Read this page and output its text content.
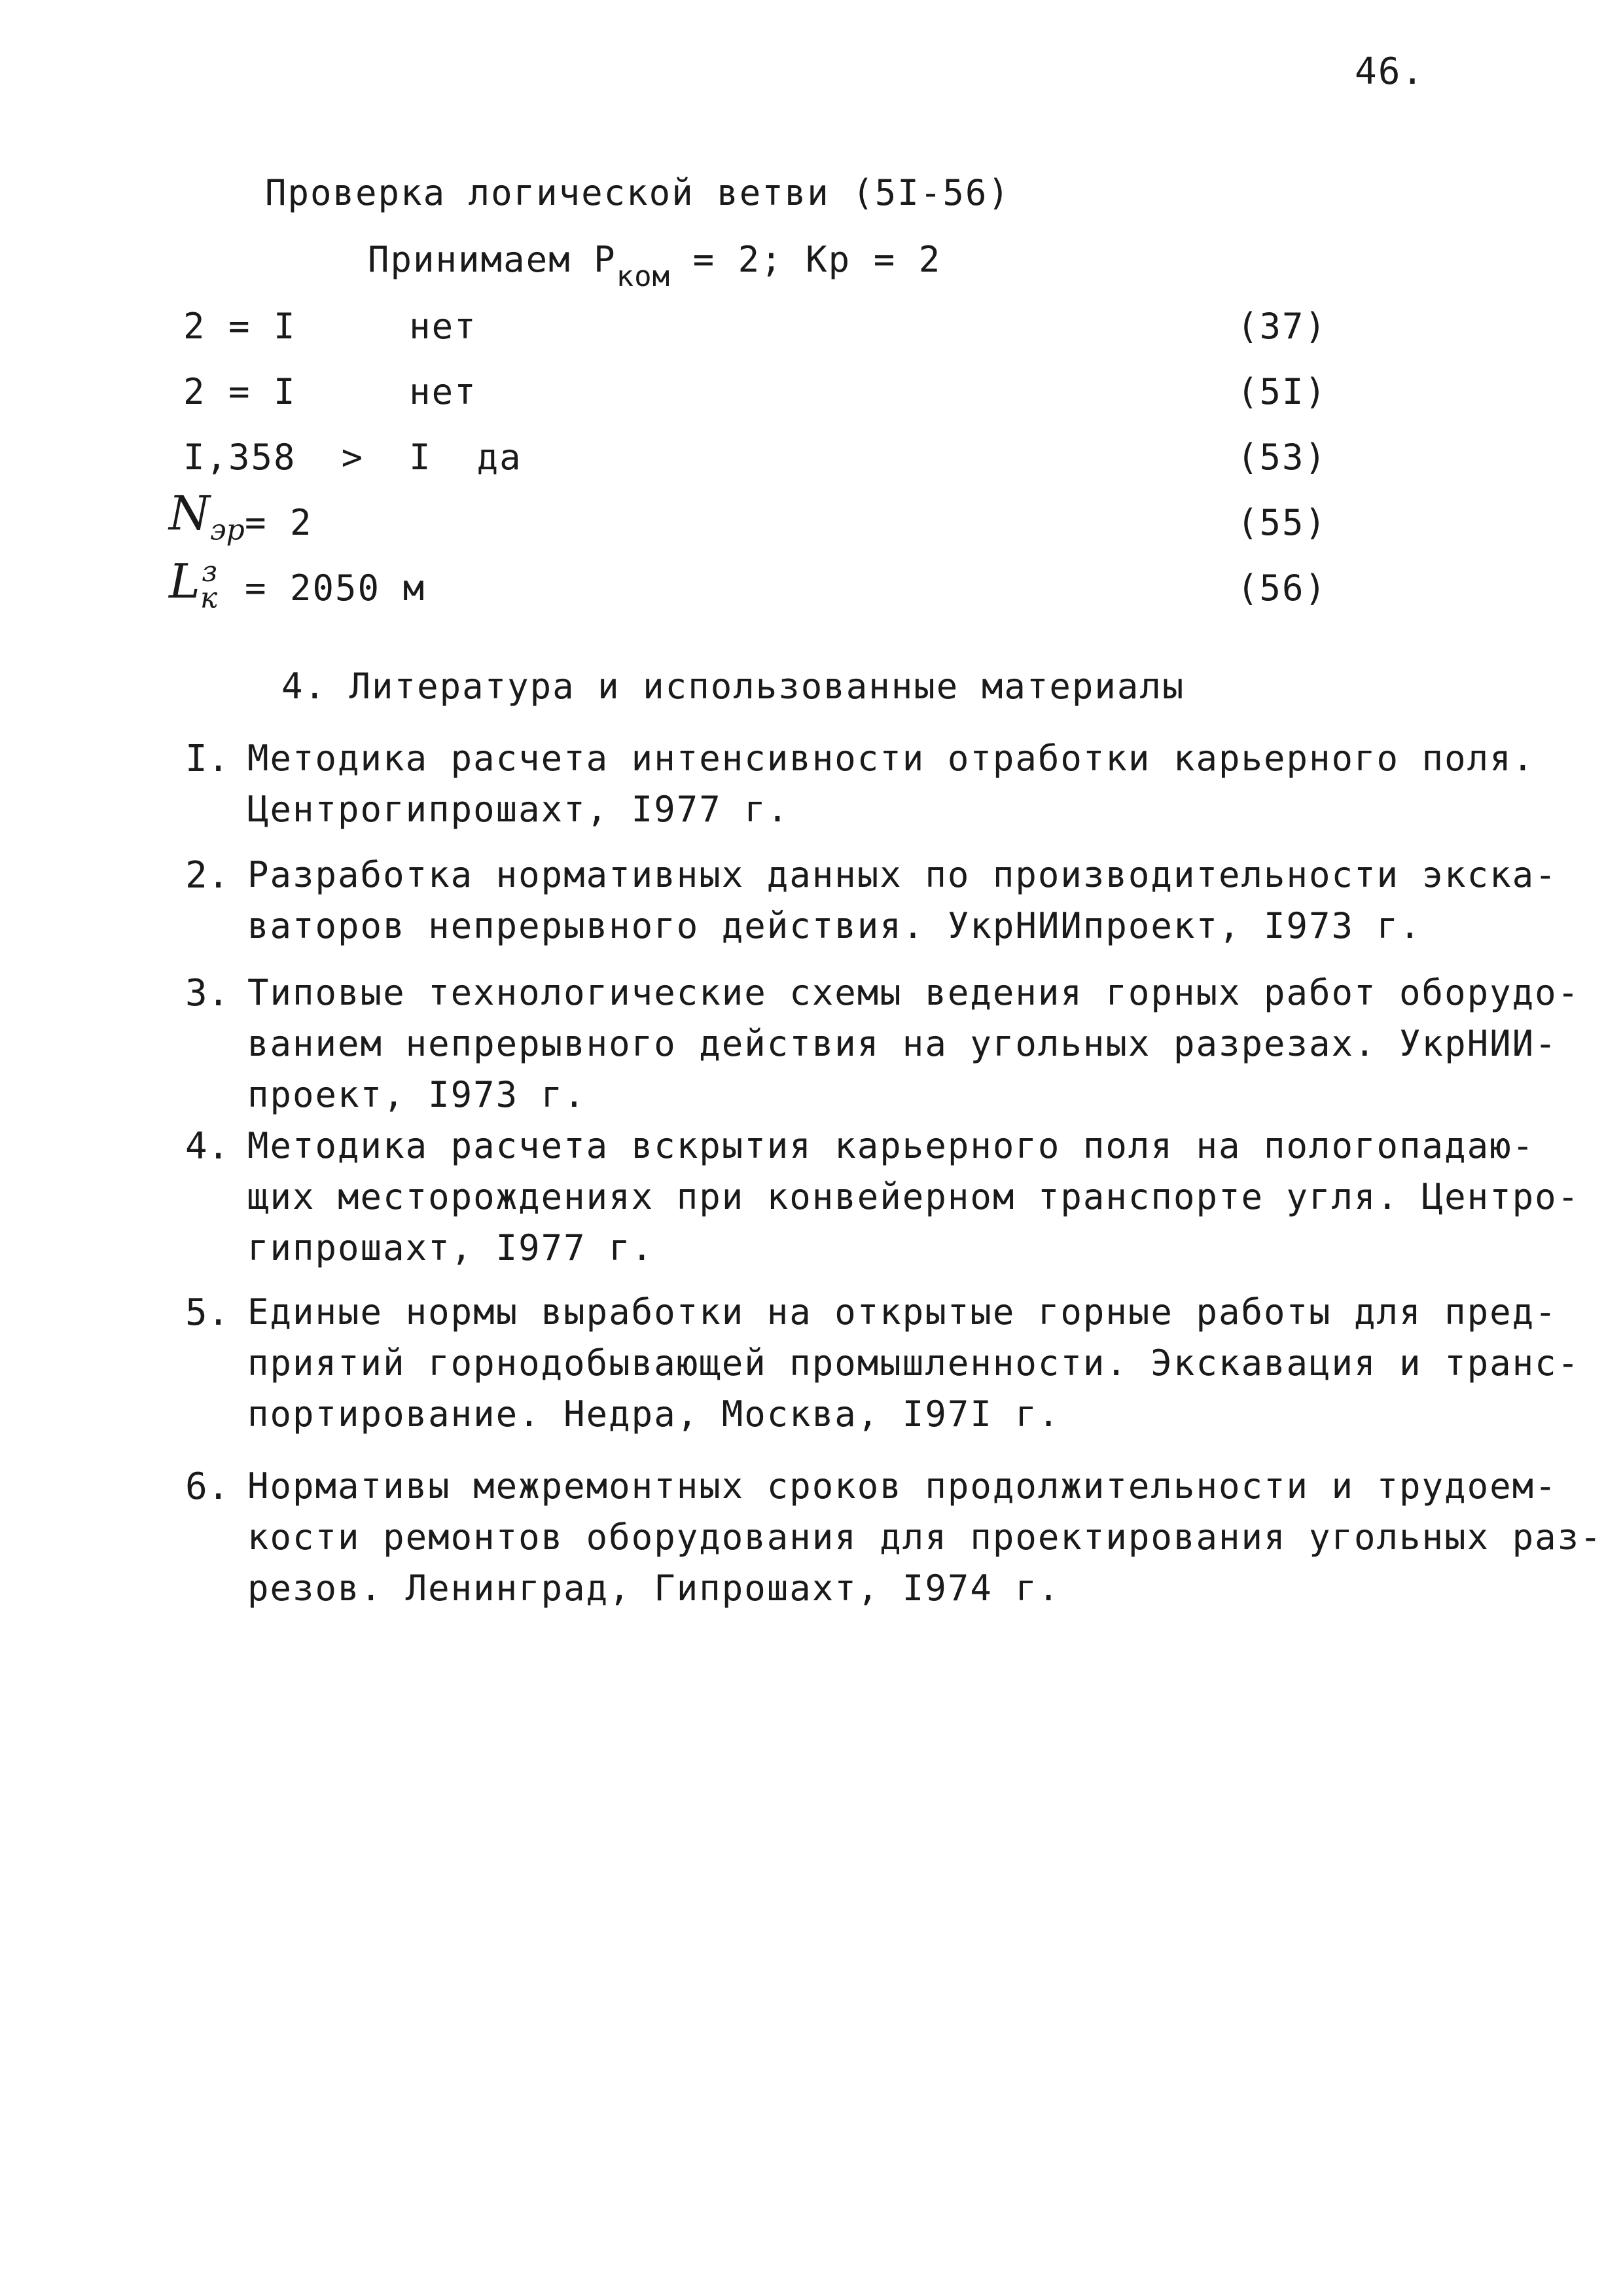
46.
Проверка логической ветви (5I-56)
Принимаем $Р_{ком} = 2$; Кр = 2
2 = I     нет	(37)
2 = I     нет	(5I)
I,358  >  I  да	(53)
$N_{эр} = 2$	(55)
$L_к^з = 2050$ м	(56)
4. Литература и использованные материалы
I. Методика расчета интенсивности отработки карьерного поля.
Центрогипрошахт, I977 г.
2. Разработка нормативных данных по производительности экска-
ваторов непрерывного действия. УкрНИИпроект, I973 г.
3. Типовые технологические схемы ведения горных работ оборудо-
ванием непрерывного действия на угольных разрезах. УкрНИИ-
проект, I973 г.
4. Методика расчета вскрытия карьерного поля на пологопадаю-
щих месторождениях при конвейерном транспорте угля. Центро-
гипрошахт, I977 г.
5. Единые нормы выработки на открытые горные работы для пред-
приятий горнодобывающей промышленности. Экскавация и транс-
портирование. Недра, Москва, I97I г.
6. Нормативы межремонтных сроков продолжительности и трудоем-
кости ремонтов оборудования для проектирования угольных раз-
резов. Ленинград, Гипрошахт, I974 г.
